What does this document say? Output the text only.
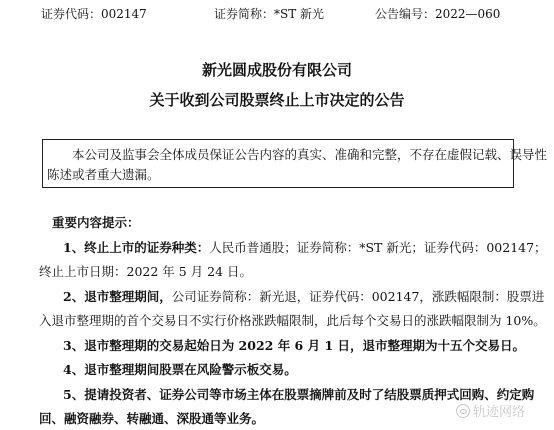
证券代码：002147	证券简称：*ST 新光	公告编号：2022—060
新光圆成股份有限公司
关于收到公司股票终止上市决定的公告
本公司及监事会全体成员保证公告内容的真实、准确和完整，不存在虚假记载、误导性
陈述或者重大遗漏。
重要内容提示：
1、终止上市的证券种类：人民币普通股；证券简称：*ST 新光；证券代码：002147；
终止上市日期：2022 年 5 月 24 日。
2、退市整理期间，公司证券简称：新光退，证券代码：002147，涨跌幅限制：股票进
入退市整理期的首个交易日不实行价格涨跌幅限制，此后每个交易日的涨跌幅限制为 10%。
3、退市整理期的交易起始日为 2022 年 6 月 1 日，退市整理期为十五个交易日。
4、退市整理期间股票在风险警示板交易。
5、提请投资者、证券公司等市场主体在股票摘牌前及时了结股票质押式回购、约定购
回、融资融券、转融通、深股通等业务。	轨迹网络
